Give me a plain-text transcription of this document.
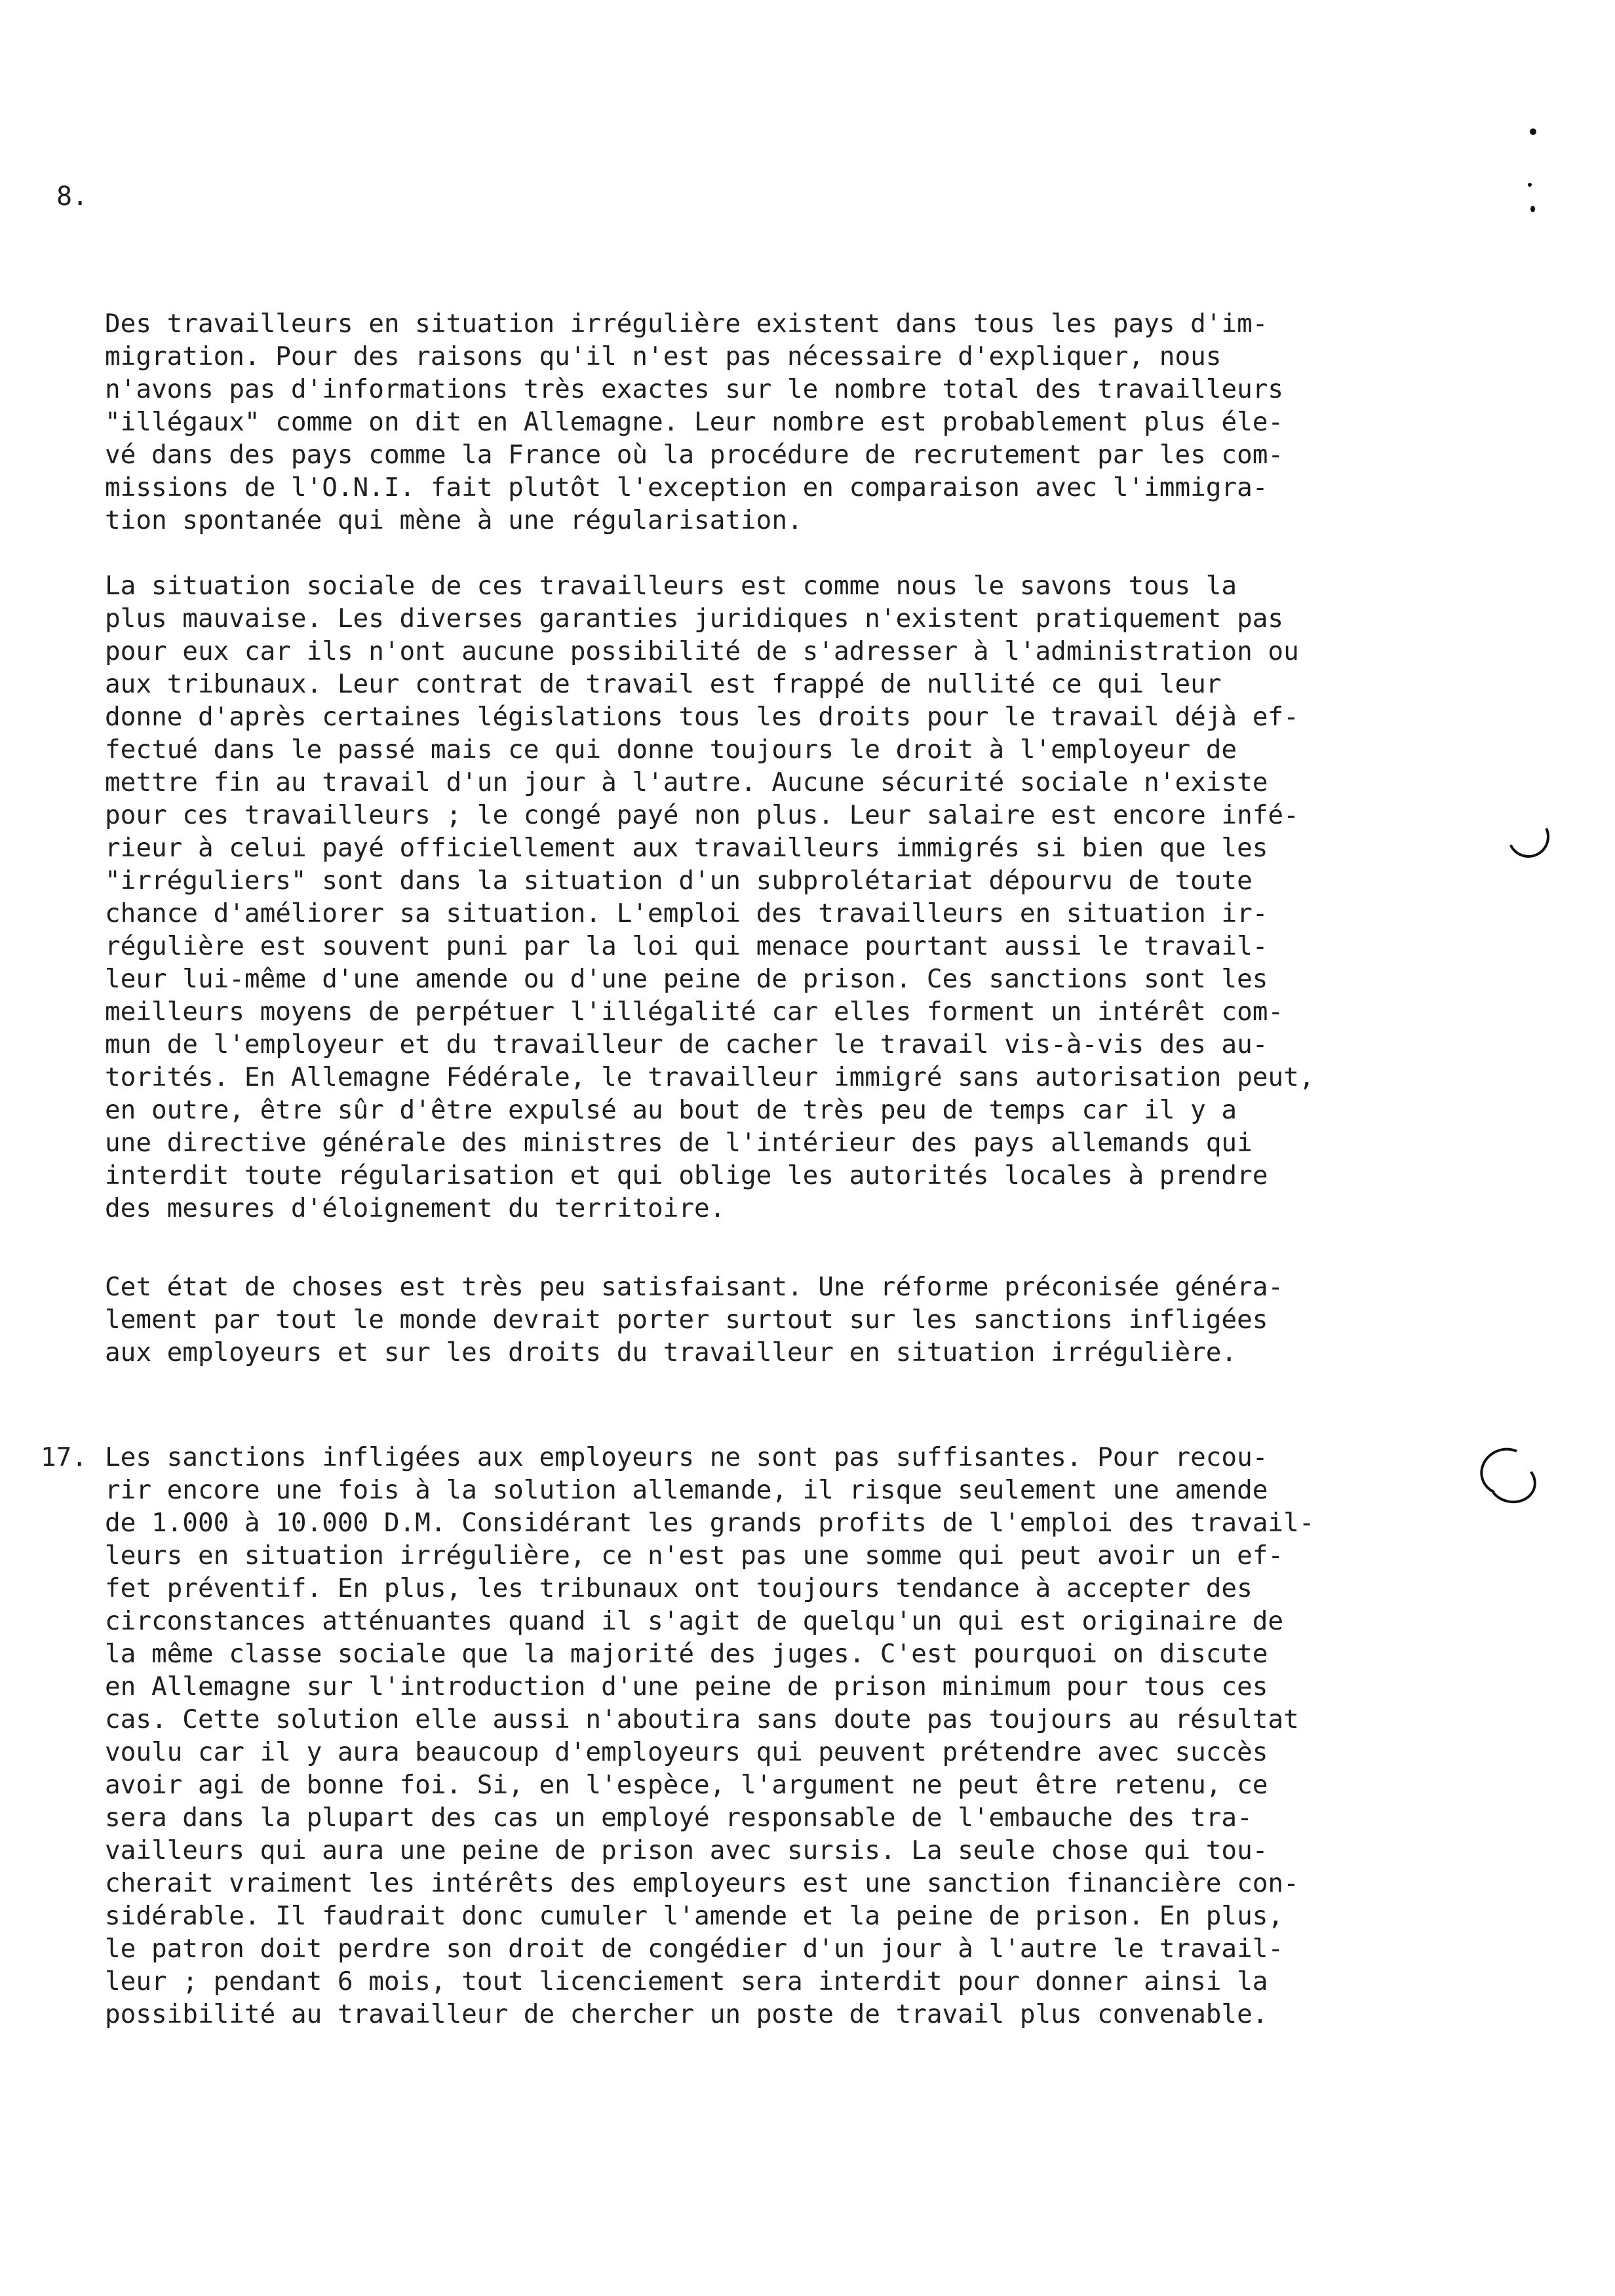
8.
Des travailleurs en situation irrégulière existent dans tous les pays d'im-
migration. Pour des raisons qu'il n'est pas nécessaire d'expliquer, nous
n'avons pas d'informations très exactes sur le nombre total des travailleurs
"illégaux" comme on dit en Allemagne. Leur nombre est probablement plus éle-
vé dans des pays comme la France où la procédure de recrutement par les com-
missions de l'O.N.I. fait plutôt l'exception en comparaison avec l'immigra-
tion spontanée qui mène à une régularisation.
La situation sociale de ces travailleurs est comme nous le savons tous la
plus mauvaise. Les diverses garanties juridiques n'existent pratiquement pas
pour eux car ils n'ont aucune possibilité de s'adresser à l'administration ou
aux tribunaux. Leur contrat de travail est frappé de nullité ce qui leur
donne d'après certaines législations tous les droits pour le travail déjà ef-
fectué dans le passé mais ce qui donne toujours le droit à l'employeur de
mettre fin au travail d'un jour à l'autre. Aucune sécurité sociale n'existe
pour ces travailleurs ; le congé payé non plus. Leur salaire est encore infé-
rieur à celui payé officiellement aux travailleurs immigrés si bien que les
"irréguliers" sont dans la situation d'un subprolétariat dépourvu de toute
chance d'améliorer sa situation. L'emploi des travailleurs en situation ir-
régulière est souvent puni par la loi qui menace pourtant aussi le travail-
leur lui-même d'une amende ou d'une peine de prison. Ces sanctions sont les
meilleurs moyens de perpétuer l'illégalité car elles forment un intérêt com-
mun de l'employeur et du travailleur de cacher le travail vis-à-vis des au-
torités. En Allemagne Fédérale, le travailleur immigré sans autorisation peut,
en outre, être sûr d'être expulsé au bout de très peu de temps car il y a
une directive générale des ministres de l'intérieur des pays allemands qui
interdit toute régularisation et qui oblige les autorités locales à prendre
des mesures d'éloignement du territoire.
Cet état de choses est très peu satisfaisant. Une réforme préconisée généra-
lement par tout le monde devrait porter surtout sur les sanctions infligées
aux employeurs et sur les droits du travailleur en situation irrégulière.
17. Les sanctions infligées aux employeurs ne sont pas suffisantes. Pour recou-
rir encore une fois à la solution allemande, il risque seulement une amende
de 1.000 à 10.000 D.M. Considérant les grands profits de l'emploi des travail-
leurs en situation irrégulière, ce n'est pas une somme qui peut avoir un ef-
fet préventif. En plus, les tribunaux ont toujours tendance à accepter des
circonstances atténuantes quand il s'agit de quelqu'un qui est originaire de
la même classe sociale que la majorité des juges. C'est pourquoi on discute
en Allemagne sur l'introduction d'une peine de prison minimum pour tous ces
cas. Cette solution elle aussi n'aboutira sans doute pas toujours au résultat
voulu car il y aura beaucoup d'employeurs qui peuvent prétendre avec succès
avoir agi de bonne foi. Si, en l'espèce, l'argument ne peut être retenu, ce
sera dans la plupart des cas un employé responsable de l'embauche des tra-
vailleurs qui aura une peine de prison avec sursis. La seule chose qui tou-
cherait vraiment les intérêts des employeurs est une sanction financière con-
sidérable. Il faudrait donc cumuler l'amende et la peine de prison. En plus,
le patron doit perdre son droit de congédier d'un jour à l'autre le travail-
leur ; pendant 6 mois, tout licenciement sera interdit pour donner ainsi la
possibilité au travailleur de chercher un poste de travail plus convenable.
